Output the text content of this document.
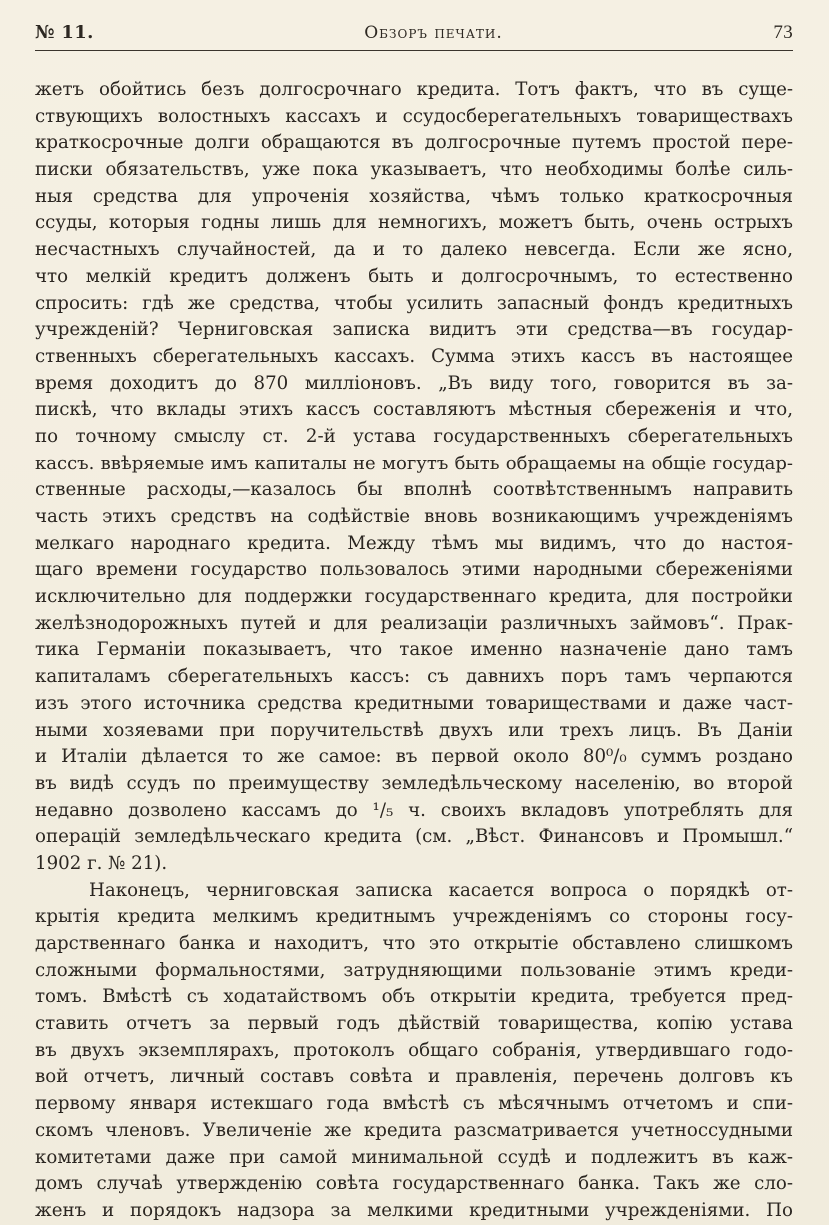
№ 11.	Обзоръ печати.	73
жетъ обойтись безъ долгосрочнаго кредита. Тотъ фактъ, что въ суще-
ствующихъ волостныхъ кассахъ и ссудосберегательныхъ товариществахъ
краткосрочные долги обращаются въ долгосрочные путемъ простой пере-
писки обязательствъ, уже пока указываетъ, что необходимы болѣе силь-
ныя средства для упроченія хозяйства, чѣмъ только краткосрочныя
ссуды, которыя годны лишь для немногихъ, можетъ быть, очень острыхъ
несчастныхъ случайностей, да и то далеко невсегда. Если же ясно,
что мелкій кредитъ долженъ быть и долгосрочнымъ, то естественно
спросить: гдѣ же средства, чтобы усилить запасный фондъ кредитныхъ
учрежденій? Черниговская записка видитъ эти средства—въ государ-
ственныхъ сберегательныхъ кассахъ. Сумма этихъ кассъ въ настоящее
время доходитъ до 870 милліоновъ. „Въ виду того, говорится въ за-
пискѣ, что вклады этихъ кассъ составляютъ мѣстныя сбереженія и что,
по точному смыслу ст. 2-й устава государственныхъ сберегательныхъ
кассъ. ввѣряемые имъ капиталы не могутъ быть обращаемы на общіе государ-
ственные расходы,—казалось бы вполнѣ соотвѣтственнымъ направить
часть этихъ средствъ на содѣйствіе вновь возникающимъ учрежденіямъ
мелкаго народнаго кредита. Между тѣмъ мы видимъ, что до настоя-
щаго времени государство пользовалось этими народными сбереженіями
исключительно для поддержки государственнаго кредита, для постройки
желѣзнодорожныхъ путей и для реализаціи различныхъ займовъ“. Прак-
тика Германіи показываетъ, что такое именно назначеніе дано тамъ
капиталамъ сберегательныхъ кассъ: съ давнихъ поръ тамъ черпаются
изъ этого источника средства кредитными товариществами и даже част-
ными хозяевами при поручительствѣ двухъ или трехъ лицъ. Въ Даніи
и Италіи дѣлается то же самое: въ первой около 80⁰/₀ суммъ роздано
въ видѣ ссудъ по преимуществу земледѣльческому населенію, во второй
недавно дозволено кассамъ до ¹/₅ ч. своихъ вкладовъ употреблять для
операцій земледѣльческаго кредита (см. „Вѣст. Финансовъ и Промышл.“
1902 г. № 21).
Наконецъ, черниговская записка касается вопроса о порядкѣ от-
крытія кредита мелкимъ кредитнымъ учрежденіямъ со стороны госу-
дарственнаго банка и находитъ, что это открытіе обставлено слишкомъ
сложными формальностями, затрудняющими пользованіе этимъ креди-
томъ. Вмѣстѣ съ ходатайствомъ объ открытіи кредита, требуется пред-
ставить отчетъ за первый годъ дѣйствій товарищества, копію устава
въ двухъ экземплярахъ, протоколъ общаго собранія, утвердившаго годо-
вой отчетъ, личный составъ совѣта и правленія, перечень долговъ къ
первому января истекшаго года вмѣстѣ съ мѣсячнымъ отчетомъ и спи-
скомъ членовъ. Увеличеніе же кредита разсматривается учетноссудными
комитетами даже при самой минимальной ссудѣ и подлежитъ въ каж-
домъ случаѣ утвержденію совѣта государственнаго банка. Такъ же сло-
женъ и порядокъ надзора за мелкими кредитными учрежденіями. По
